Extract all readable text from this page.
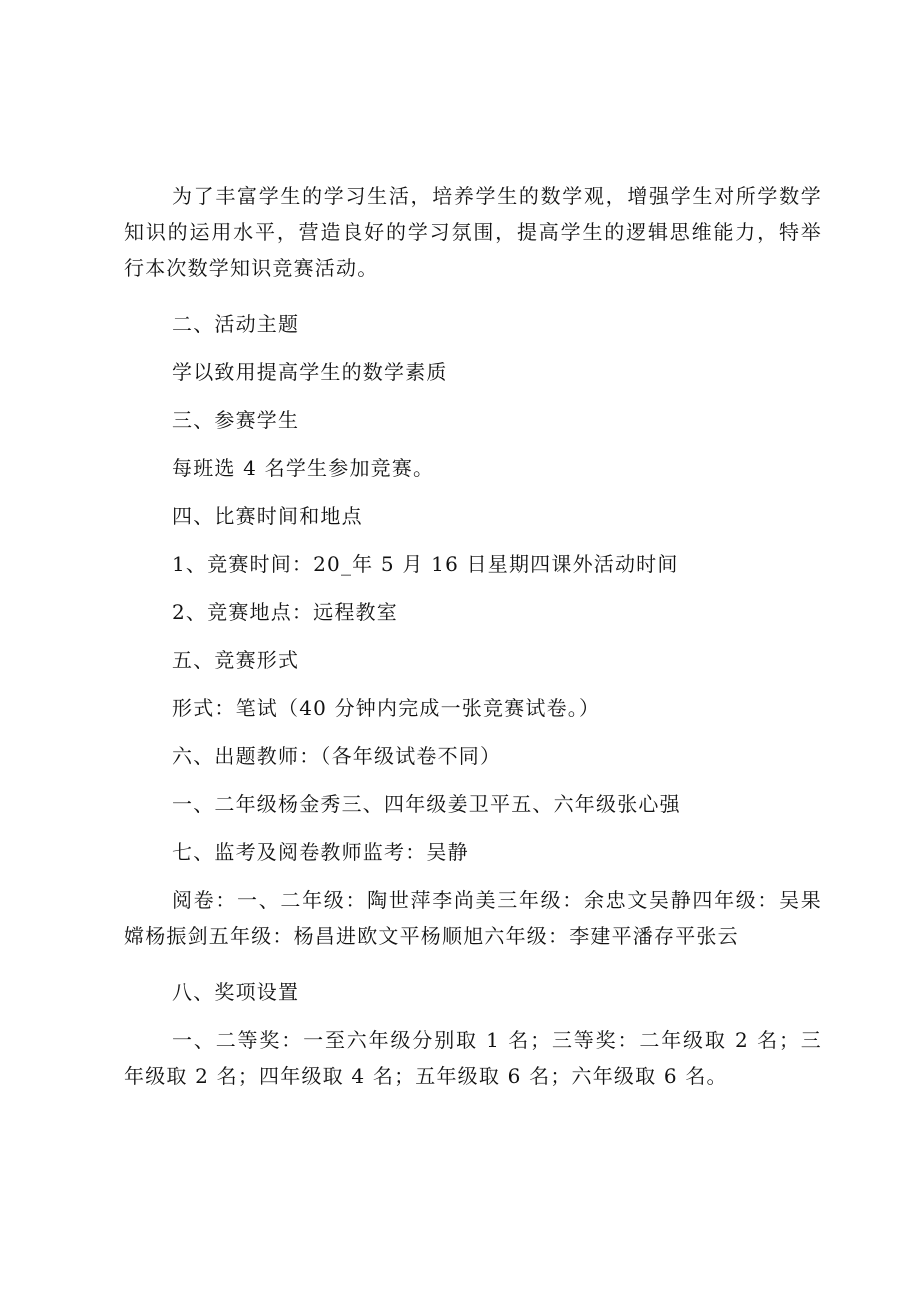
为了丰富学生的学习生活，培养学生的数学观，增强学生对所学数学知识的运用水平，营造良好的学习氛围，提高学生的逻辑思维能力，特举行本次数学知识竞赛活动。

二、活动主题
学以致用提高学生的数学素质
三、参赛学生
每班选 4 名学生参加竞赛。
四、比赛时间和地点
1、竞赛时间：20_年 5 月 16 日星期四课外活动时间
2、竞赛地点：远程教室
五、竞赛形式
形式：笔试（40 分钟内完成一张竞赛试卷。）
六、出题教师：（各年级试卷不同）
一、二年级杨金秀三、四年级姜卫平五、六年级张心强
七、监考及阅卷教师监考：吴静

阅卷：一、二年级：陶世萍李尚美三年级：余忠文吴静四年级：吴果嫦杨振剑五年级：杨昌进欧文平杨顺旭六年级：李建平潘存平张云

八、奖项设置

一、二等奖：一至六年级分别取 1 名；三等奖：二年级取 2 名；三年级取 2 名；四年级取 4 名；五年级取 6 名；六年级取 6 名。
